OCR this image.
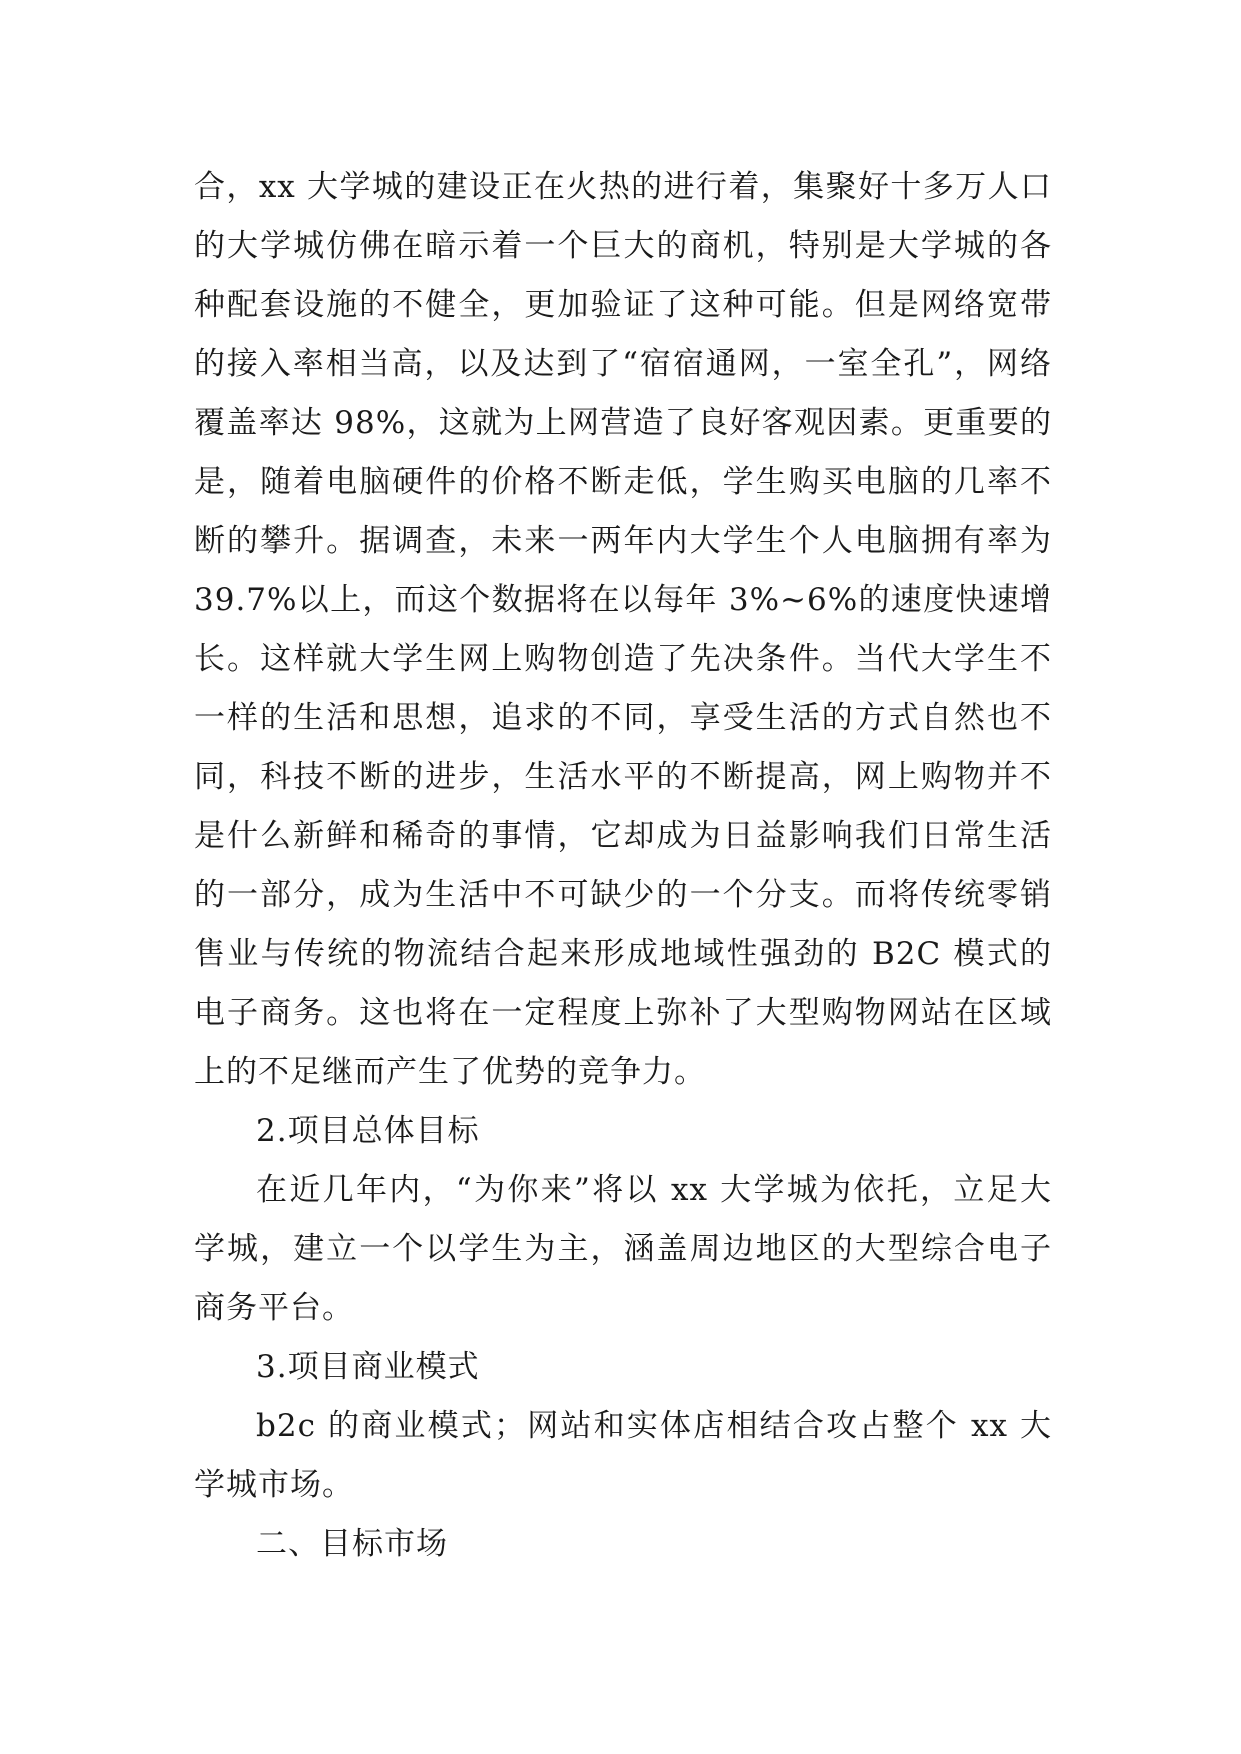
合，xx 大学城的建设正在火热的进行着，集聚好十多万人口的大学城仿佛在暗示着一个巨大的商机，特别是大学城的各种配套设施的不健全，更加验证了这种可能。但是网络宽带的接入率相当高，以及达到了“宿宿通网，一室全孔”，网络覆盖率达 98%，这就为上网营造了良好客观因素。更重要的是，随着电脑硬件的价格不断走低，学生购买电脑的几率不断的攀升。据调查，未来一两年内大学生个人电脑拥有率为 39.7%以上，而这个数据将在以每年 3%~6%的速度快速增长。这样就大学生网上购物创造了先决条件。当代大学生不一样的生活和思想，追求的不同，享受生活的方式自然也不同，科技不断的进步，生活水平的不断提高，网上购物并不是什么新鲜和稀奇的事情，它却成为日益影响我们日常生活的一部分，成为生活中不可缺少的一个分支。而将传统零销售业与传统的物流结合起来形成地域性强劲的 B2C 模式的电子商务。这也将在一定程度上弥补了大型购物网站在区域上的不足继而产生了优势的竞争力。

2.项目总体目标

在近几年内，“为你来”将以 xx 大学城为依托，立足大学城，建立一个以学生为主，涵盖周边地区的大型综合电子商务平台。

3.项目商业模式

b2c 的商业模式；网站和实体店相结合攻占整个 xx 大学城市场。

二、目标市场
